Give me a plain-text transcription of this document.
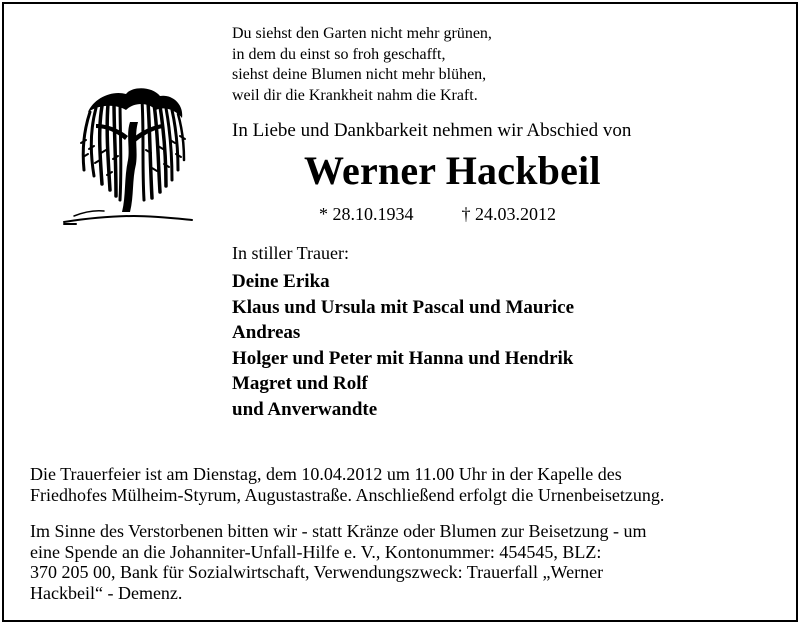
Du siehst den Garten nicht mehr grünen,
in dem du einst so froh geschafft,
siehst deine Blumen nicht mehr blühen,
weil dir die Krankheit nahm die Kraft.
In Liebe und Dankbarkeit nehmen wir Abschied von
Werner Hackbeil
* 28.10.1934	† 24.03.2012
In stiller Trauer:
Deine Erika
Klaus und Ursula mit Pascal und Maurice
Andreas
Holger und Peter mit Hanna und Hendrik
Magret und Rolf
und Anverwandte
Die Trauerfeier ist am Dienstag, dem 10.04.2012 um 11.00 Uhr in der Kapelle des
Friedhofes Mülheim-Styrum, Augustastraße. Anschließend erfolgt die Urnenbeisetzung.
Im Sinne des Verstorbenen bitten wir - statt Kränze oder Blumen zur Beisetzung - um
eine Spende an die Johanniter-Unfall-Hilfe e. V., Kontonummer: 454545, BLZ:
370 205 00, Bank für Sozialwirtschaft, Verwendungszweck: Trauerfall „Werner
Hackbeil“ - Demenz.
